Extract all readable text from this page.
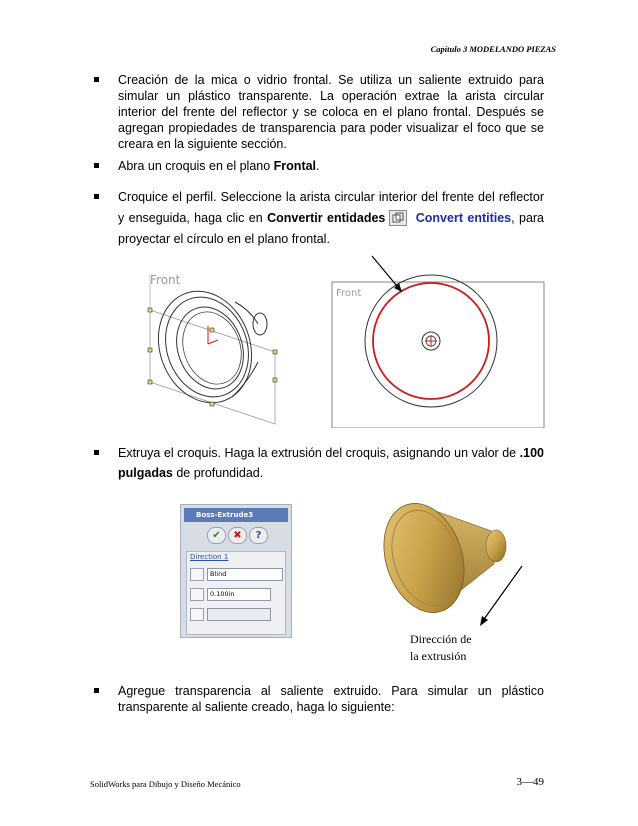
Capítulo 3 MODELANDO PIEZAS
Creación de la mica o vidrio frontal. Se utiliza un saliente extruido para simular un plástico transparente. La operación extrae la arista circular interior del frente del reflector y se coloca en el plano frontal. Después se agregan propiedades de transparencia para poder visualizar el foco que se creara en la siguiente sección.
Abra un croquis en el plano Frontal.
Croquice el perfil. Seleccione la arista circular interior del frente del reflector y enseguida, haga clic en Convertir entidades Convert entities, para proyectar el círculo en el plano frontal.
Front
Front
Extruya el croquis. Haga la extrusión del croquis, asignando un valor de .100 pulgadas de profundidad.
Boss-Extrude3
✔	✖	?
Direction 1
Blind
0.100in
Dirección de
la extrusión
Agregue transparencia al saliente extruido. Para simular un plástico transparente al saliente creado, haga lo siguiente:
SolidWorks para Dibujo y Diseño Mecánico	3—49
